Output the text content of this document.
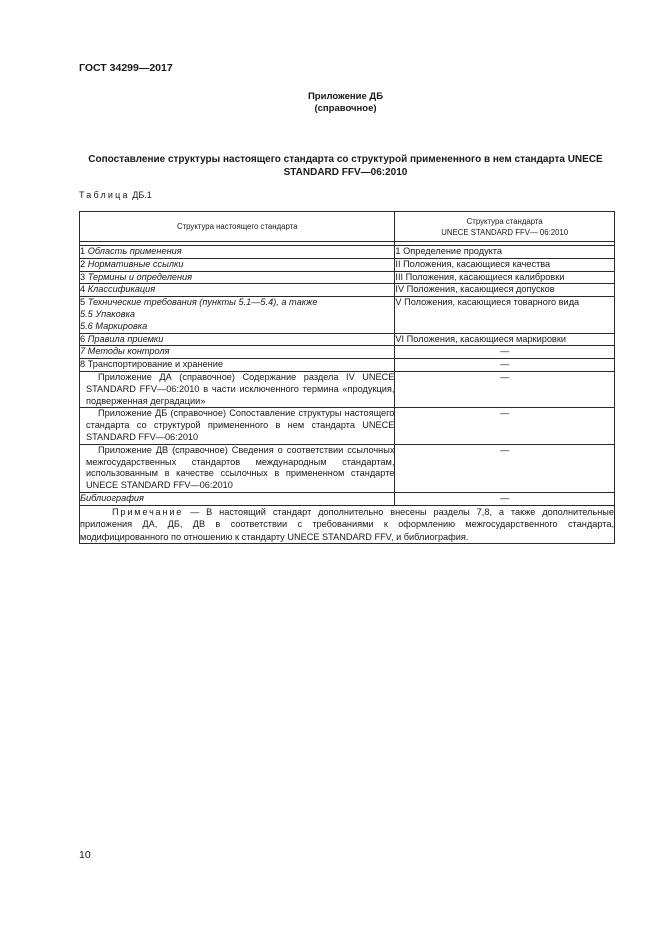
ГОСТ 34299—2017
Приложение ДБ
(справочное)
Сопоставление структуры настоящего стандарта со структурой примененного в нем стандарта UNECE STANDARD FFV—06:2010
Таблица ДБ.1
Структура настоящего стандарта	Структура стандарта
UNECE STANDARD FFV— 06:2010

1 Область применения	1 Определение продукта
2 Нормативные ссылки	II Положения, касающиеся качества
3 Термины и определения	III Положения, касающиеся калибровки
4 Классификация	IV Положения, касающиеся допусков
5 Технические требования (пункты 5.1—5.4), а также
5.5 Упаковка
5.6 Маркировка	V Положения, касающиеся товарного вида
6 Правила приемки	VI Положения, касающиеся маркировки
7 Методы контроля	—
8 Транспортирование и хранение	—
Приложение ДА (справочное) Содержание раздела IV UNECE STANDARD FFV—06:2010 в части исключенного термина «продукция, подверженная деградации»	—
Приложение ДБ (справочное) Сопоставление структуры настоящего стандарта со структурой примененного в нем стандарта UNECE STANDARD FFV—06:2010	—
Приложение ДВ (справочное) Сведения о соответствии ссылочных межгосударственных стандартов международным стандартам, использованным в качестве ссылочных в примененном стандарте UNECE STANDARD FFV—06:2010	—
Библиография	—
Примечание — В настоящий стандарт дополнительно внесены разделы 7,8, а также дополнительные приложения ДА, ДБ, ДВ в соответствии с требованиями к оформлению межгосударственного стандарта, модифицированного по отношению к стандарту UNECE STANDARD FFV, и библиография.	
10
